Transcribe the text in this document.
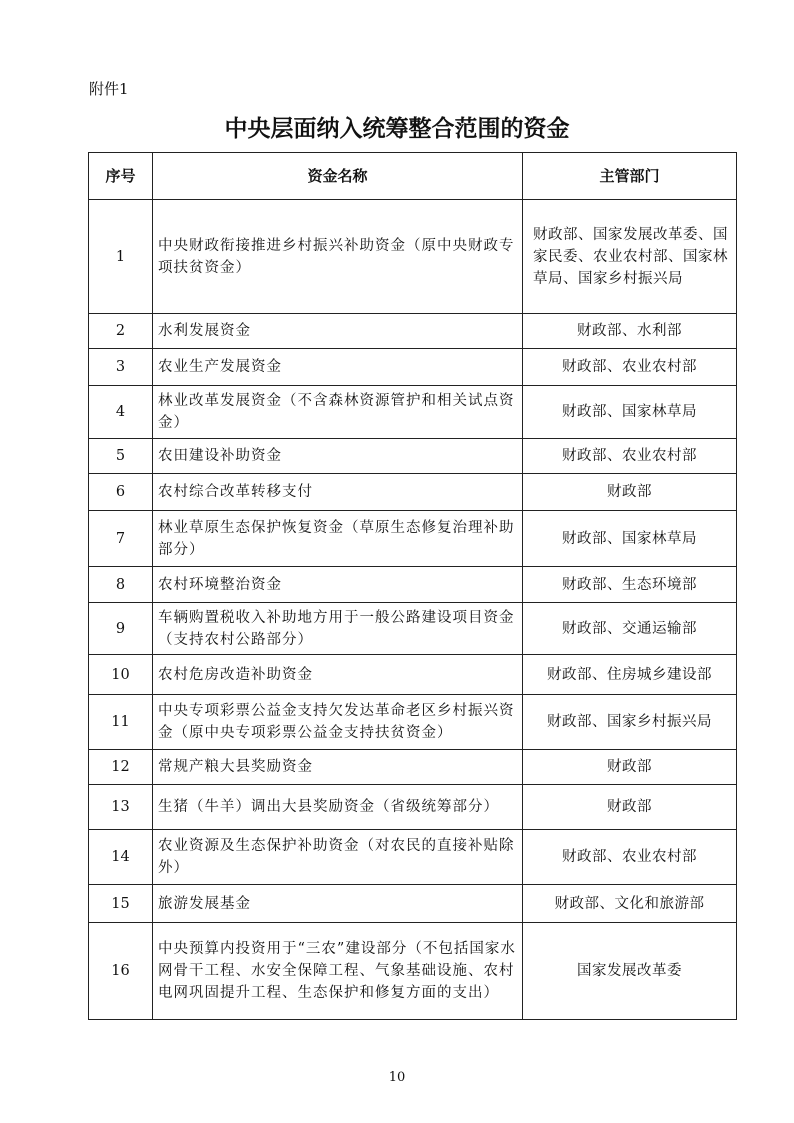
附件1
中央层面纳入统筹整合范围的资金
序号	资金名称	主管部门
1	中央财政衔接推进乡村振兴补助资金（原中央财政专项扶贫资金）	财政部、国家发展改革委、国家民委、农业农村部、国家林草局、国家乡村振兴局
2	水利发展资金	财政部、水利部
3	农业生产发展资金	财政部、农业农村部
4	林业改革发展资金（不含森林资源管护和相关试点资金）	财政部、国家林草局
5	农田建设补助资金	财政部、农业农村部
6	农村综合改革转移支付	财政部
7	林业草原生态保护恢复资金（草原生态修复治理补助部分）	财政部、国家林草局
8	农村环境整治资金	财政部、生态环境部
9	车辆购置税收入补助地方用于一般公路建设项目资金（支持农村公路部分）	财政部、交通运输部
10	农村危房改造补助资金	财政部、住房城乡建设部
11	中央专项彩票公益金支持欠发达革命老区乡村振兴资金（原中央专项彩票公益金支持扶贫资金）	财政部、国家乡村振兴局
12	常规产粮大县奖励资金	财政部
13	生猪（牛羊）调出大县奖励资金（省级统筹部分）	财政部
14	农业资源及生态保护补助资金（对农民的直接补贴除外）	财政部、农业农村部
15	旅游发展基金	财政部、文化和旅游部
16	中央预算内投资用于“三农”建设部分（不包括国家水网骨干工程、水安全保障工程、气象基础设施、农村电网巩固提升工程、生态保护和修复方面的支出）	国家发展改革委
10
